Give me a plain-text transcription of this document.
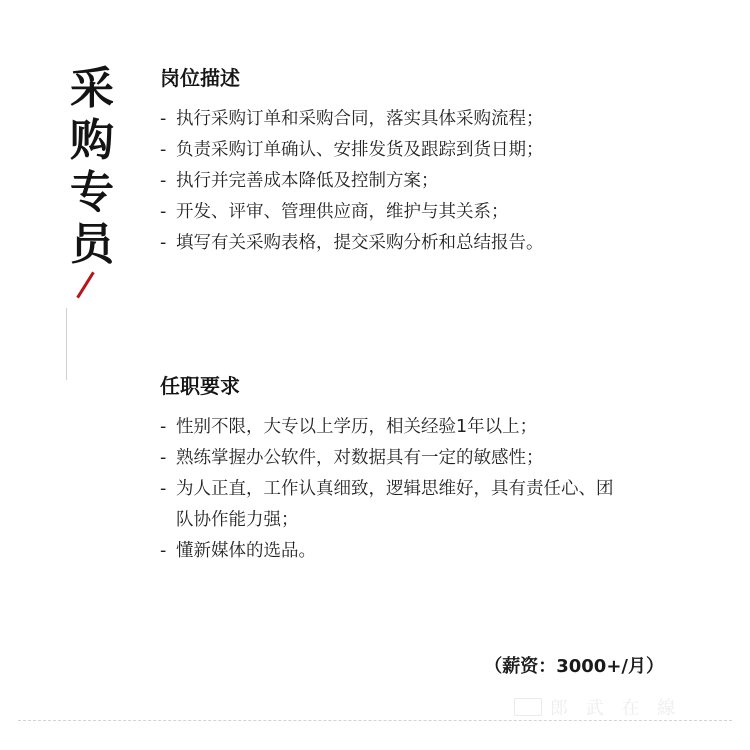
采
购
专
员
岗位描述
- 执行采购订单和采购合同，落实具体采购流程；
- 负责采购订单确认、安排发货及跟踪到货日期；
- 执行并完善成本降低及控制方案；
- 开发、评审、管理供应商，维护与其关系；
- 填写有关采购表格，提交采购分析和总结报告。
任职要求
- 性别不限，大专以上学历，相关经验1年以上；
- 熟练掌握办公软件，对数据具有一定的敏感性；
- 为人正直，工作认真细致，逻辑思维好，具有责任心、团队协作能力强；
- 懂新媒体的选品。
（薪资：3000+/月）
郎 武 在 線
